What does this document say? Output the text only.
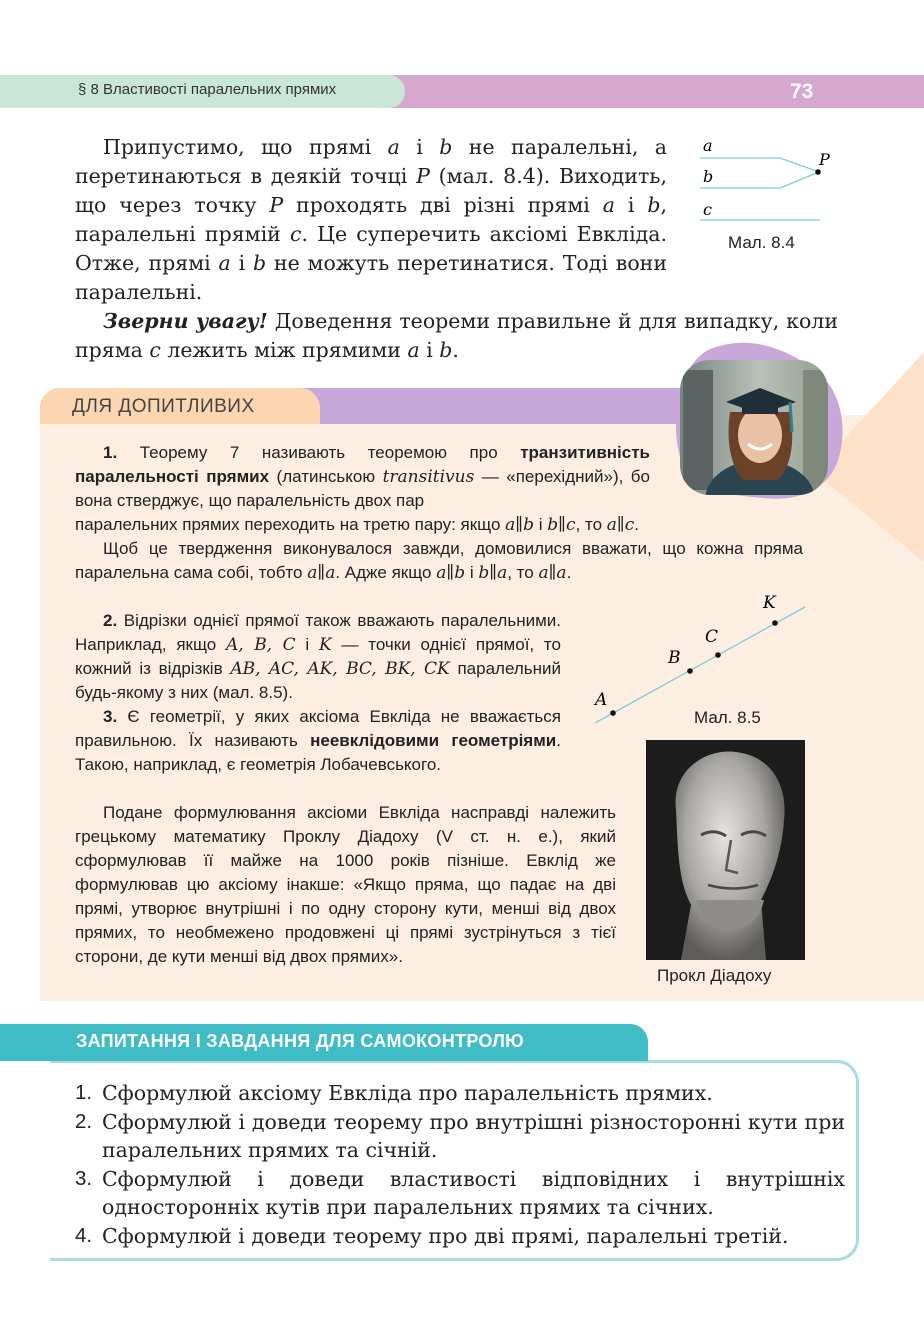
§ 8 Властивості паралельних прямих	73
Припустимо, що прямі a і b не паралельні, а перетинаються в деякій точці P (мал. 8.4). Виходить, що через точку P проходять дві різні прямі a і b, паралельні прямій c. Це суперечить аксіомі Евкліда. Отже, прямі a і b не можуть перетинатися. Тоді вони паралельні.
a
b
c
P
Мал. 8.4
Зверни увагу! Доведення теореми правильне й для випадку, коли пряма c лежить між прямими a і b.
ДЛЯ ДОПИТЛИВИХ

1. Теорему 7 називають теоремою про транзитивність паралельності прямих (латинською transitivus — «перехідний»), бо вона стверджує, що паралельність двох пар

паралельних прямих переходить на третю пару: якщо a∥b і b∥c, то a∥c.

Щоб це твердження виконувалося завжди, домовилися вважати, що кожна пряма паралельна сама собі, тобто a∥a. Адже якщо a∥b і b∥a, то a∥a.

2. Відрізки однієї прямої також вважають паралельними. Наприклад, якщо A, B, C і K — точки однієї прямої, то кожний із відрізків AB, AC, AK, BC, BK, CK паралельний будь-якому з них (мал. 8.5).

3. Є геометрії, у яких аксіома Евкліда не вважається правильною. Їх називають неевклідовими геометріями. Такою, наприклад, є геометрія Лобачевського.

Подане формулювання аксіоми Евкліда насправді належить грецькому математику Проклу Діадоху (V ст. н. е.), який сформулював її майже на 1000 років пізніше. Евклід же формулював цю аксіому інакше: «Якщо пряма, що падає на дві прямі, утворює внутрішні і по одну сторону кути, менші від двох прямих, то необмежено продовжені ці прямі зустрінуться з тієї сторони, де кути менші від двох прямих».

A
B
C
K
Мал. 8.5
Прокл Діадоху
ЗАПИТАННЯ І ЗАВДАННЯ ДЛЯ САМОКОНТРОЛЮ
1. Сформулюй аксіому Евкліда про паралельність прямих.
2. Сформулюй і доведи теорему про внутрішні різносторонні кути при паралельних прямих та січній.
3. Сформулюй і доведи властивості відповідних і внутрішніх односторонніх кутів при паралельних прямих та січних.
4. Сформулюй і доведи теорему про дві прямі, паралельні третій.
